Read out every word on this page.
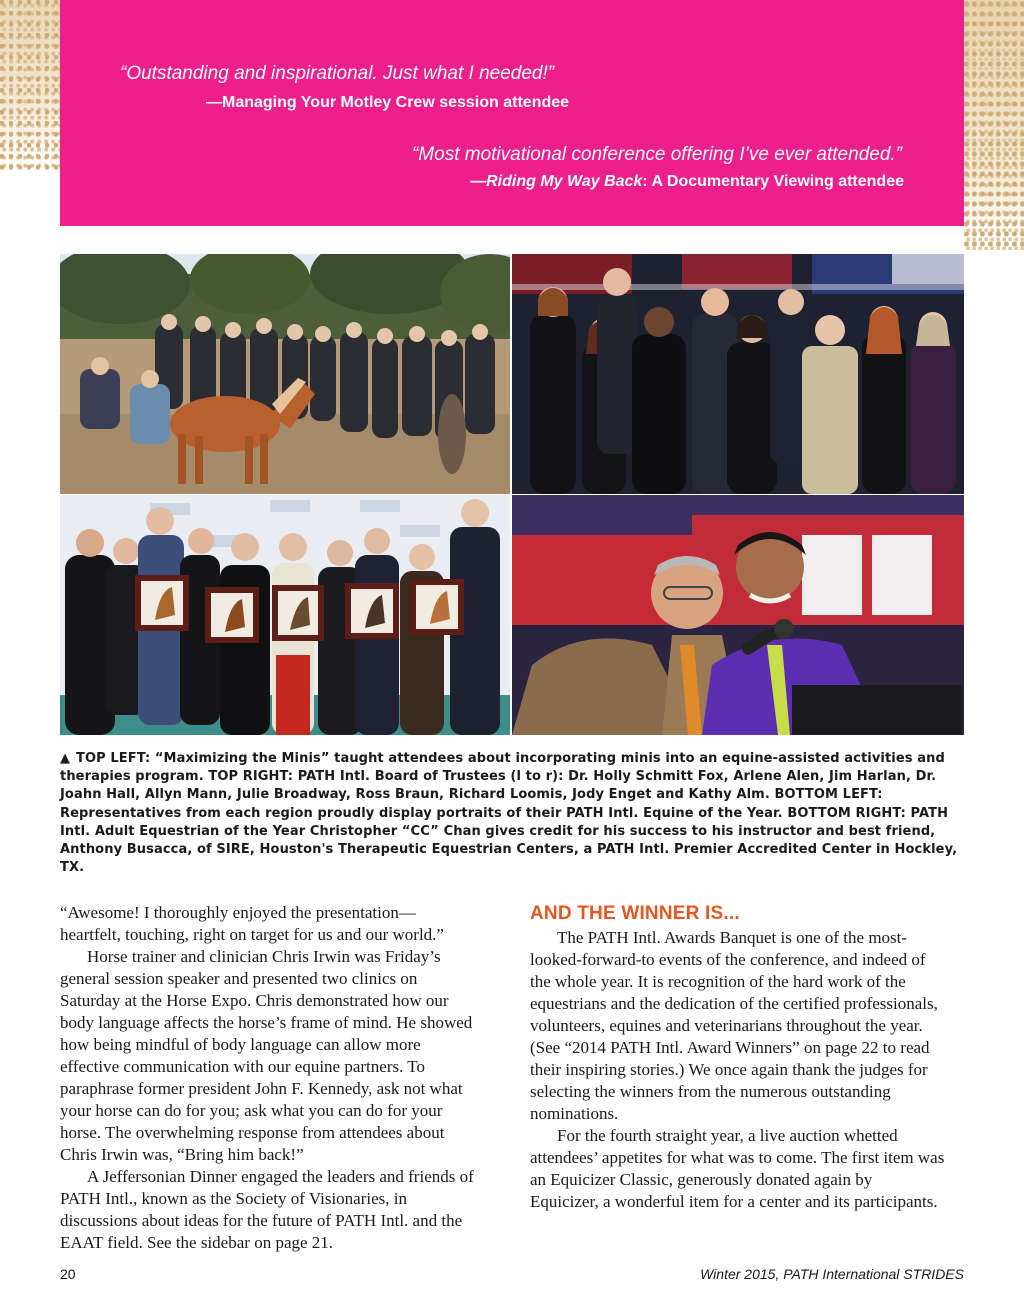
“Outstanding and inspirational. Just what I needed!”
—Managing Your Motley Crew session attendee
“Most motivational conference offering I’ve ever attended.”
—Riding My Way Back: A Documentary Viewing attendee
▲ TOP LEFT: “Maximizing the Minis” taught attendees about incorporating minis into an equine-assisted activities and therapies program. TOP RIGHT: PATH Intl. Board of Trustees (l to r): Dr. Holly Schmitt Fox, Arlene Alen, Jim Harlan, Dr. Joahn Hall, Allyn Mann, Julie Broadway, Ross Braun, Richard Loomis, Jody Enget and Kathy Alm. BOTTOM LEFT: Representatives from each region proudly display portraits of their PATH Intl. Equine of the Year. BOTTOM RIGHT: PATH Intl. Adult Equestrian of the Year Christopher “CC” Chan gives credit for his success to his instructor and best friend, Anthony Busacca, of SIRE, Houston's Therapeutic Equestrian Centers, a PATH Intl. Premier Accredited Center in Hockley, TX.

“Awesome! I thoroughly enjoyed the presentation—heartfelt, touching, right on target for us and our world.”

Horse trainer and clinician Chris Irwin was Friday’s general session speaker and presented two clinics on Saturday at the Horse Expo. Chris demonstrated how our body language affects the horse’s frame of mind. He showed how being mindful of body language can allow more effective communication with our equine partners. To paraphrase former president John F. Kennedy, ask not what your horse can do for you; ask what you can do for your horse. The overwhelming response from attendees about Chris Irwin was, “Bring him back!”

A Jeffersonian Dinner engaged the leaders and friends of PATH Intl., known as the Society of Visionaries, in discussions about ideas for the future of PATH Intl. and the EAAT field. See the sidebar on page 21.

AND THE WINNER IS...

The PATH Intl. Awards Banquet is one of the most-looked-forward-to events of the conference, and indeed of the whole year. It is recognition of the hard work of the equestrians and the dedication of the certified professionals, volunteers, equines and veterinarians throughout the year. (See “2014 PATH Intl. Award Winners” on page 22 to read their inspiring stories.) We once again thank the judges for selecting the winners from the numerous outstanding nominations.

For the fourth straight year, a live auction whetted attendees’ appetites for what was to come. The first item was an Equicizer Classic, generously donated again by Equicizer, a wonderful item for a center and its participants.

20	Winter 2015, PATH International STRIDES
